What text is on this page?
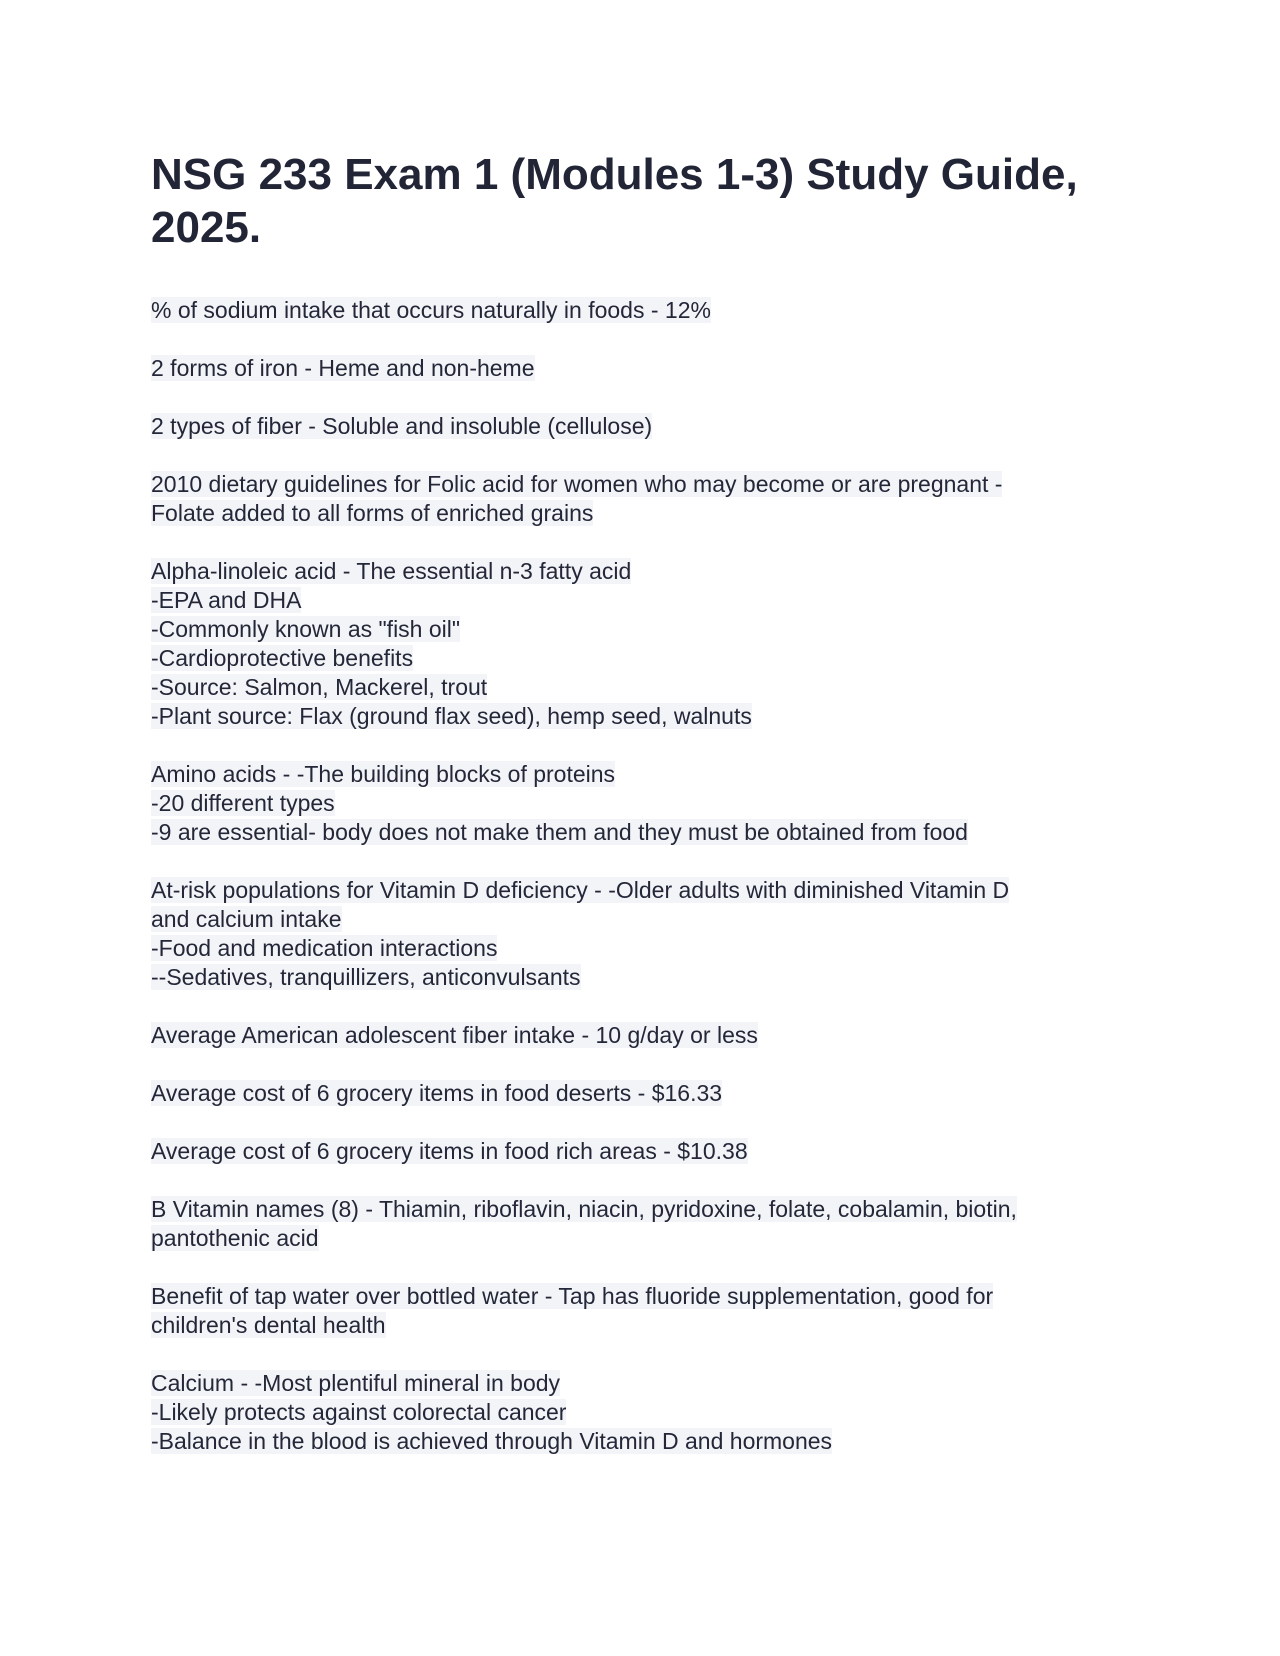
NSG 233 Exam 1 (Modules 1-3) Study Guide,
2025.
% of sodium intake that occurs naturally in foods - 12%
2 forms of iron - Heme and non-heme
2 types of fiber - Soluble and insoluble (cellulose)
2010 dietary guidelines for Folic acid for women who may become or are pregnant -
Folate added to all forms of enriched grains
Alpha-linoleic acid - The essential n-3 fatty acid
-EPA and DHA
-Commonly known as "fish oil"
-Cardioprotective benefits
-Source: Salmon, Mackerel, trout
-Plant source: Flax (ground flax seed), hemp seed, walnuts
Amino acids - -The building blocks of proteins
-20 different types
-9 are essential- body does not make them and they must be obtained from food
At-risk populations for Vitamin D deficiency - -Older adults with diminished Vitamin D
and calcium intake
-Food and medication interactions
--Sedatives, tranquillizers, anticonvulsants
Average American adolescent fiber intake - 10 g/day or less
Average cost of 6 grocery items in food deserts - $16.33
Average cost of 6 grocery items in food rich areas - $10.38
B Vitamin names (8) - Thiamin, riboflavin, niacin, pyridoxine, folate, cobalamin, biotin,
pantothenic acid
Benefit of tap water over bottled water - Tap has fluoride supplementation, good for
children's dental health
Calcium - -Most plentiful mineral in body
-Likely protects against colorectal cancer
-Balance in the blood is achieved through Vitamin D and hormones
